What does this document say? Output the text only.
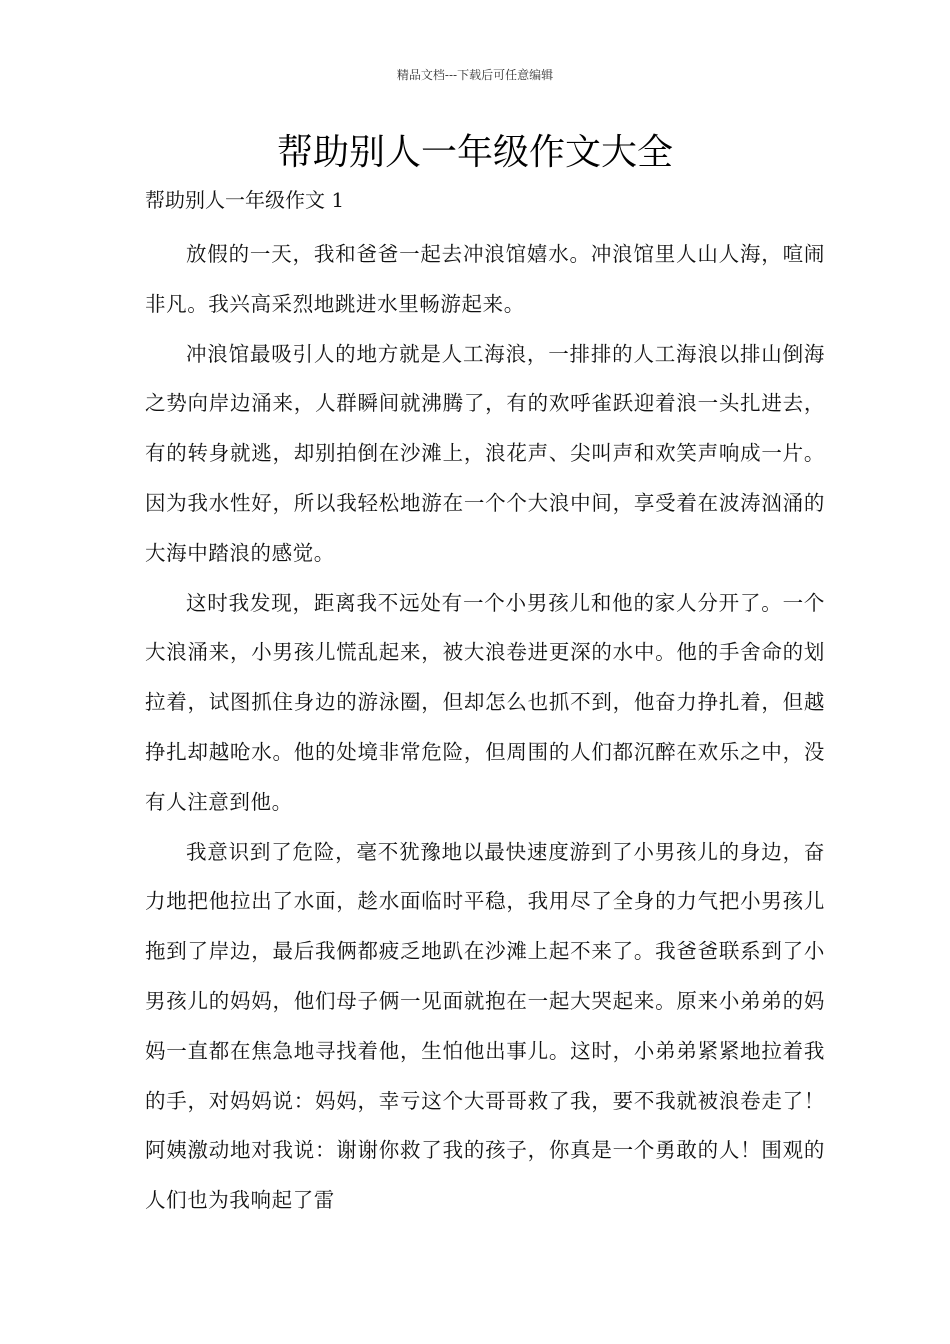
精品文档---下载后可任意编辑
帮助别人一年级作文大全
帮助别人一年级作文 1

放假的一天，我和爸爸一起去冲浪馆嬉水。冲浪馆里人山人海，喧闹非凡。我兴高采烈地跳进水里畅游起来。

冲浪馆最吸引人的地方就是人工海浪，一排排的人工海浪以排山倒海之势向岸边涌来，人群瞬间就沸腾了，有的欢呼雀跃迎着浪一头扎进去，有的转身就逃，却别拍倒在沙滩上，浪花声、尖叫声和欢笑声响成一片。因为我水性好，所以我轻松地游在一个个大浪中间，享受着在波涛汹涌的大海中踏浪的感觉。

这时我发现，距离我不远处有一个小男孩儿和他的家人分开了。一个大浪涌来，小男孩儿慌乱起来，被大浪卷进更深的水中。他的手舍命的划拉着，试图抓住身边的游泳圈，但却怎么也抓不到，他奋力挣扎着，但越挣扎却越呛水。他的处境非常危险，但周围的人们都沉醉在欢乐之中，没有人注意到他。

我意识到了危险，毫不犹豫地以最快速度游到了小男孩儿的身边，奋力地把他拉出了水面，趁水面临时平稳，我用尽了全身的力气把小男孩儿拖到了岸边，最后我俩都疲乏地趴在沙滩上起不来了。我爸爸联系到了小男孩儿的妈妈，他们母子俩一见面就抱在一起大哭起来。原来小弟弟的妈妈一直都在焦急地寻找着他，生怕他出事儿。这时，小弟弟紧紧地拉着我的手，对妈妈说：妈妈，幸亏这个大哥哥救了我，要不我就被浪卷走了！阿姨激动地对我说：谢谢你救了我的孩子，你真是一个勇敢的人！围观的人们也为我响起了雷
